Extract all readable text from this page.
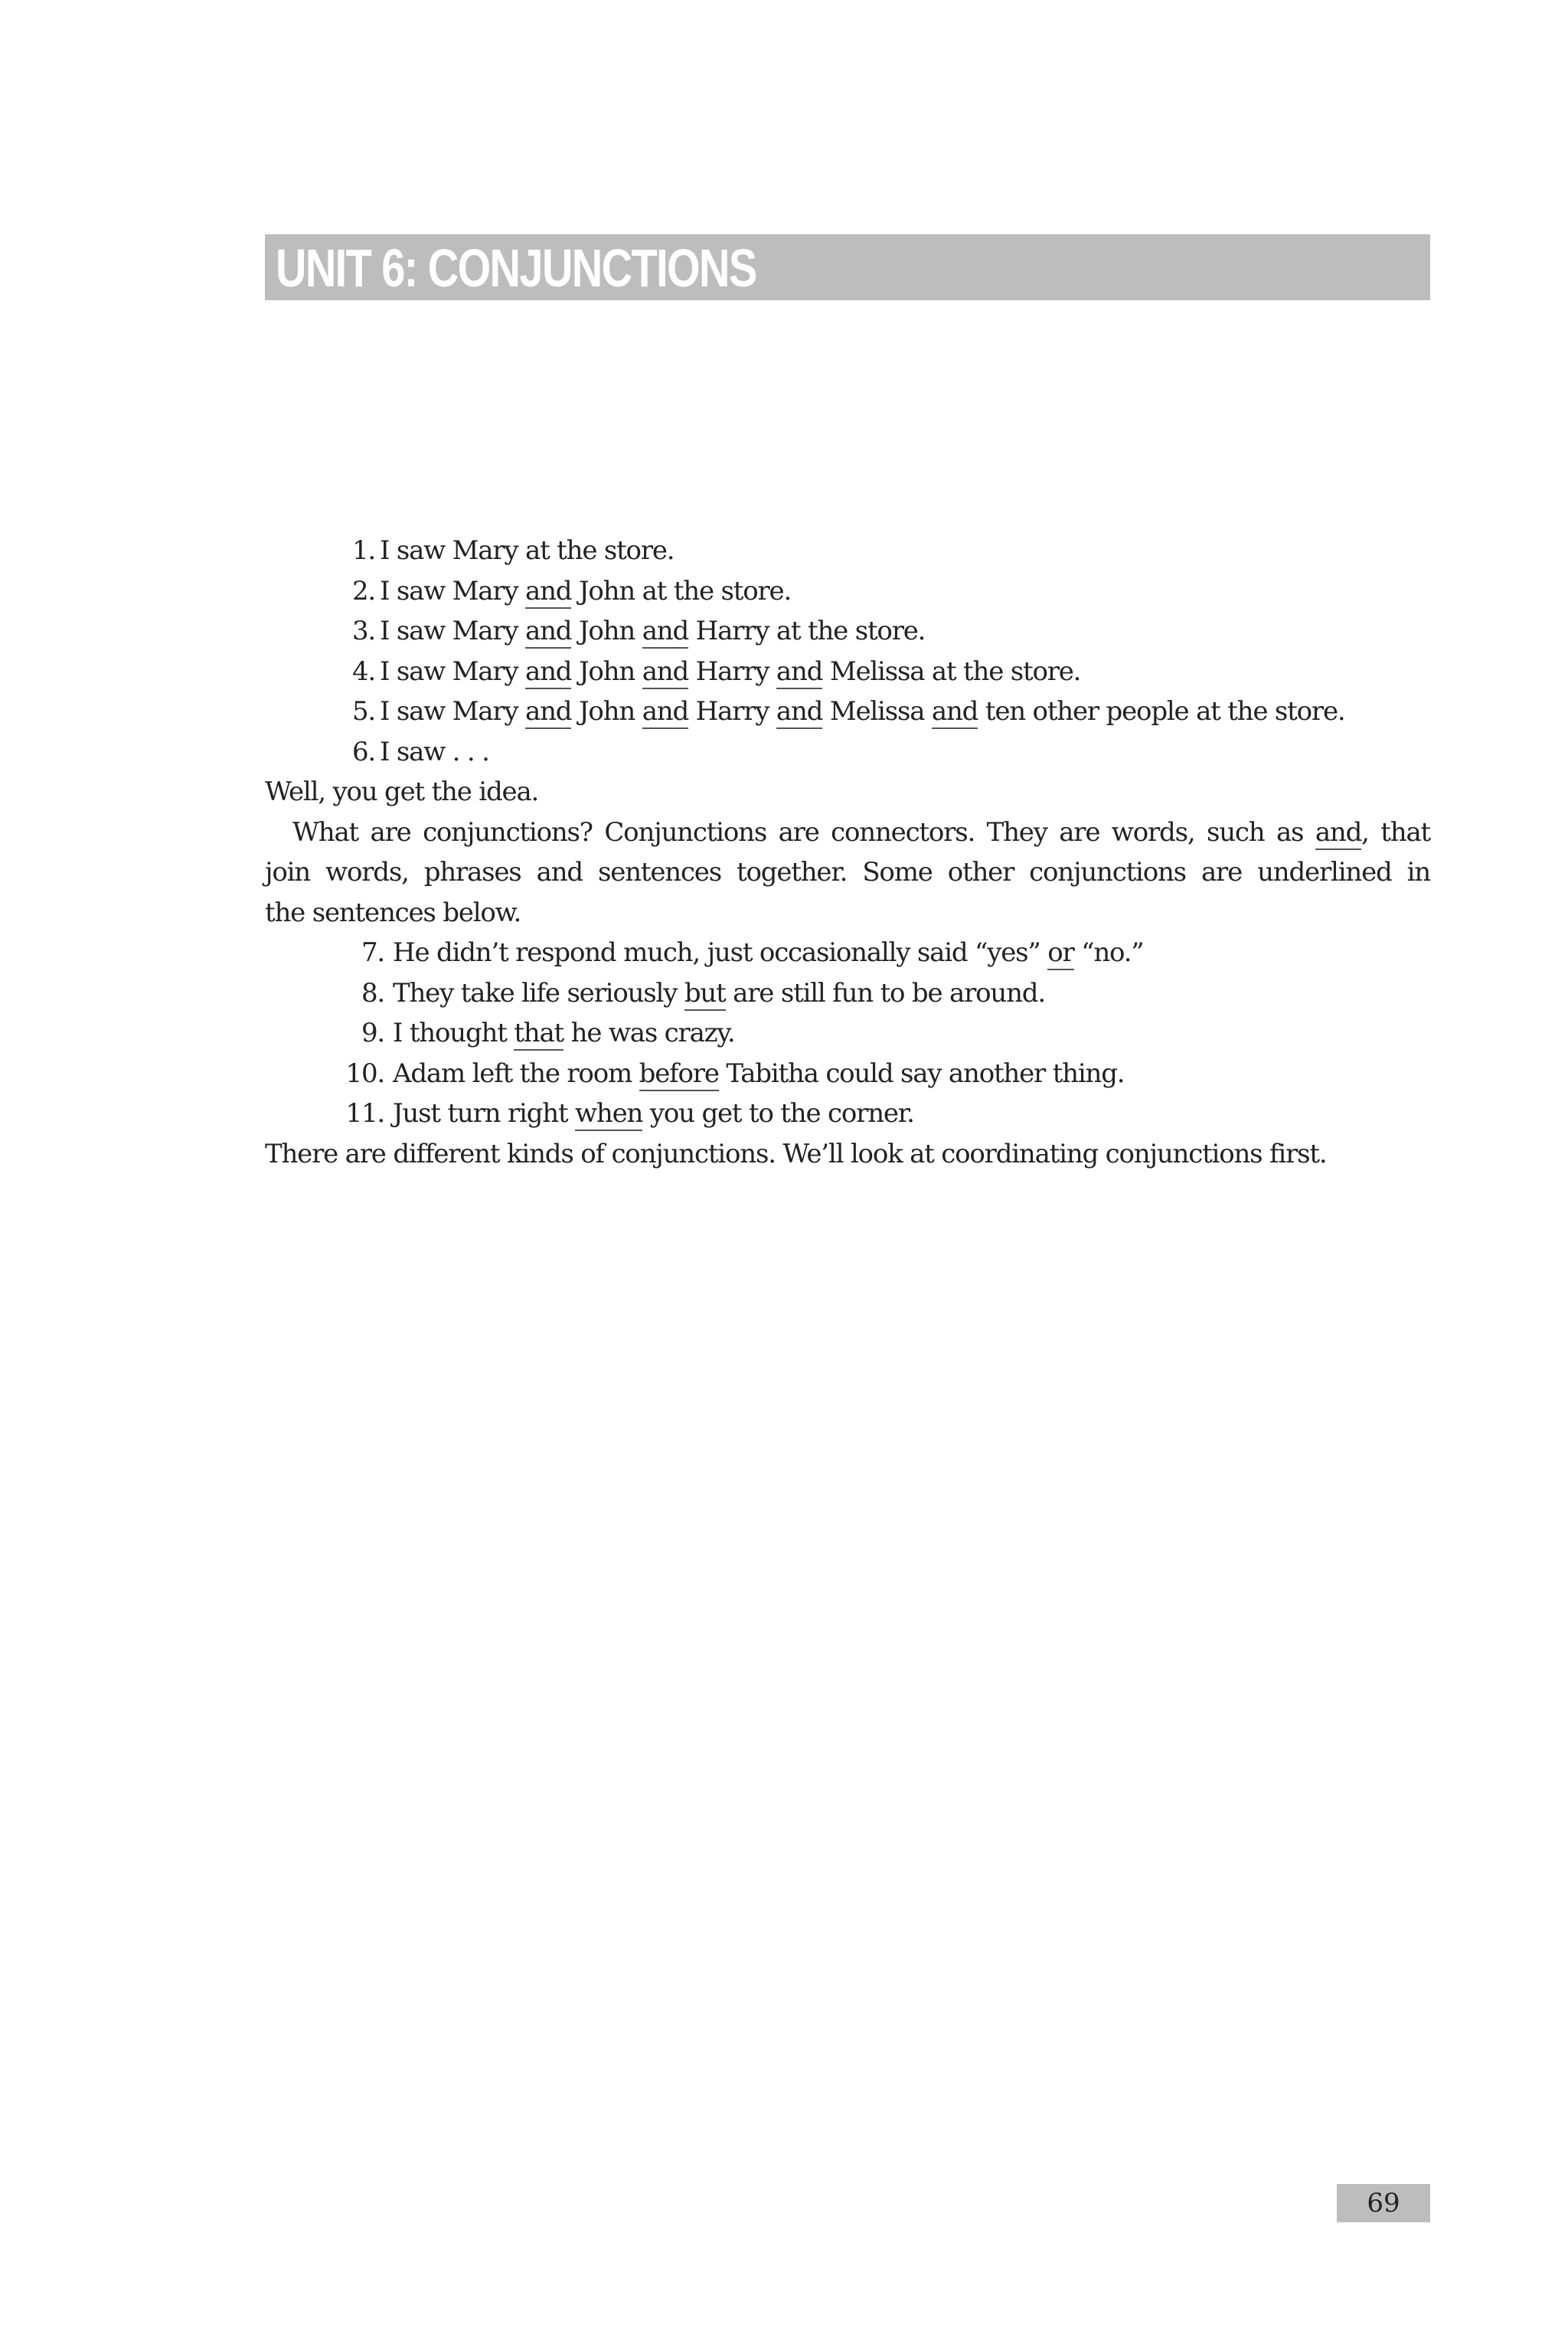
UNIT 6: CONJUNCTIONS
1. I saw Mary at the store.
2. I saw Mary and John at the store.
3. I saw Mary and John and Harry at the store.
4. I saw Mary and John and Harry and Melissa at the store.
5. I saw Mary and John and Harry and Melissa and ten other people at the store.
6. I saw . . .

Well, you get the idea.

What are conjunctions? Conjunctions are connectors. They are words, such as and, that

join words, phrases and sentences together. Some other conjunctions are underlined in

the sentences below.

7. He didn’t respond much, just occasionally said “yes” or “no.”
8. They take life seriously but are still fun to be around.
9. I thought that he was crazy.
10. Adam left the room before Tabitha could say another thing.
11. Just turn right when you get to the corner.

There are different kinds of conjunctions. We’ll look at coordinating conjunctions first.

69
